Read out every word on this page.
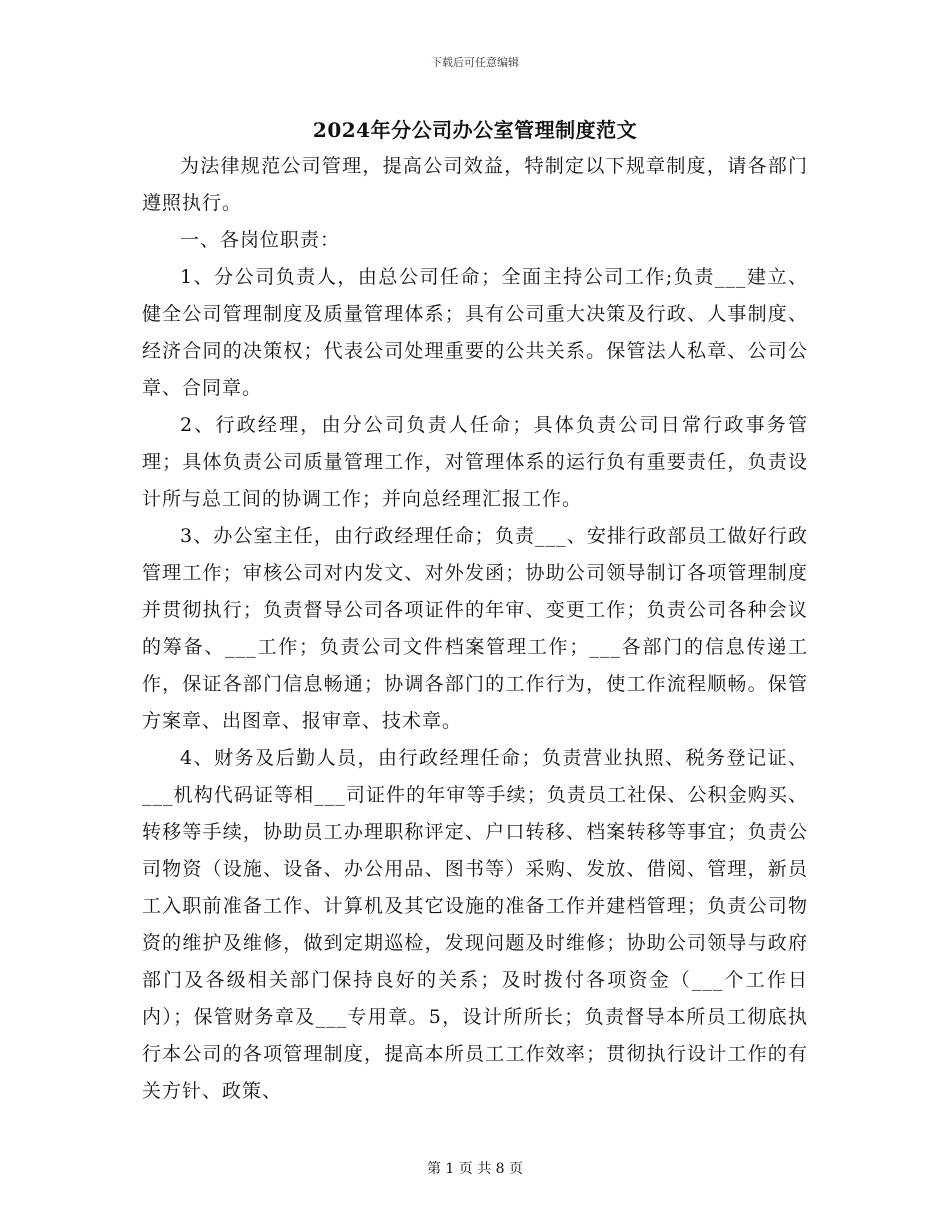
下载后可任意编辑
2024年分公司办公室管理制度范文

为法律规范公司管理，提高公司效益，特制定以下规章制度，请各部门遵照执行。

一、各岗位职责：

1、分公司负责人，由总公司任命；全面主持公司工作;负责___建立、健全公司管理制度及质量管理体系；具有公司重大决策及行政、人事制度、经济合同的决策权；代表公司处理重要的公共关系。保管法人私章、公司公章、合同章。

2、行政经理，由分公司负责人任命；具体负责公司日常行政事务管理；具体负责公司质量管理工作，对管理体系的运行负有重要责任，负责设计所与总工间的协调工作；并向总经理汇报工作。

3、办公室主任，由行政经理任命；负责___、安排行政部员工做好行政管理工作；审核公司对内发文、对外发函；协助公司领导制订各项管理制度并贯彻执行；负责督导公司各项证件的年审、变更工作；负责公司各种会议的筹备、___工作；负责公司文件档案管理工作；___各部门的信息传递工作，保证各部门信息畅通；协调各部门的工作行为，使工作流程顺畅。保管方案章、出图章、报审章、技术章。

4、财务及后勤人员，由行政经理任命；负责营业执照、税务登记证、___机构代码证等相___司证件的年审等手续；负责员工社保、公积金购买、转移等手续，协助员工办理职称评定、户口转移、档案转移等事宜；负责公司物资（设施、设备、办公用品、图书等）采购、发放、借阅、管理，新员工入职前准备工作、计算机及其它设施的准备工作并建档管理；负责公司物资的维护及维修，做到定期巡检，发现问题及时维修；协助公司领导与政府部门及各级相关部门保持良好的关系；及时拨付各项资金（___个工作日内）；保管财务章及___专用章。5，设计所所长；负责督导本所员工彻底执行本公司的各项管理制度，提高本所员工工作效率；贯彻执行设计工作的有关方针、政策、

第 1 页 共 8 页
